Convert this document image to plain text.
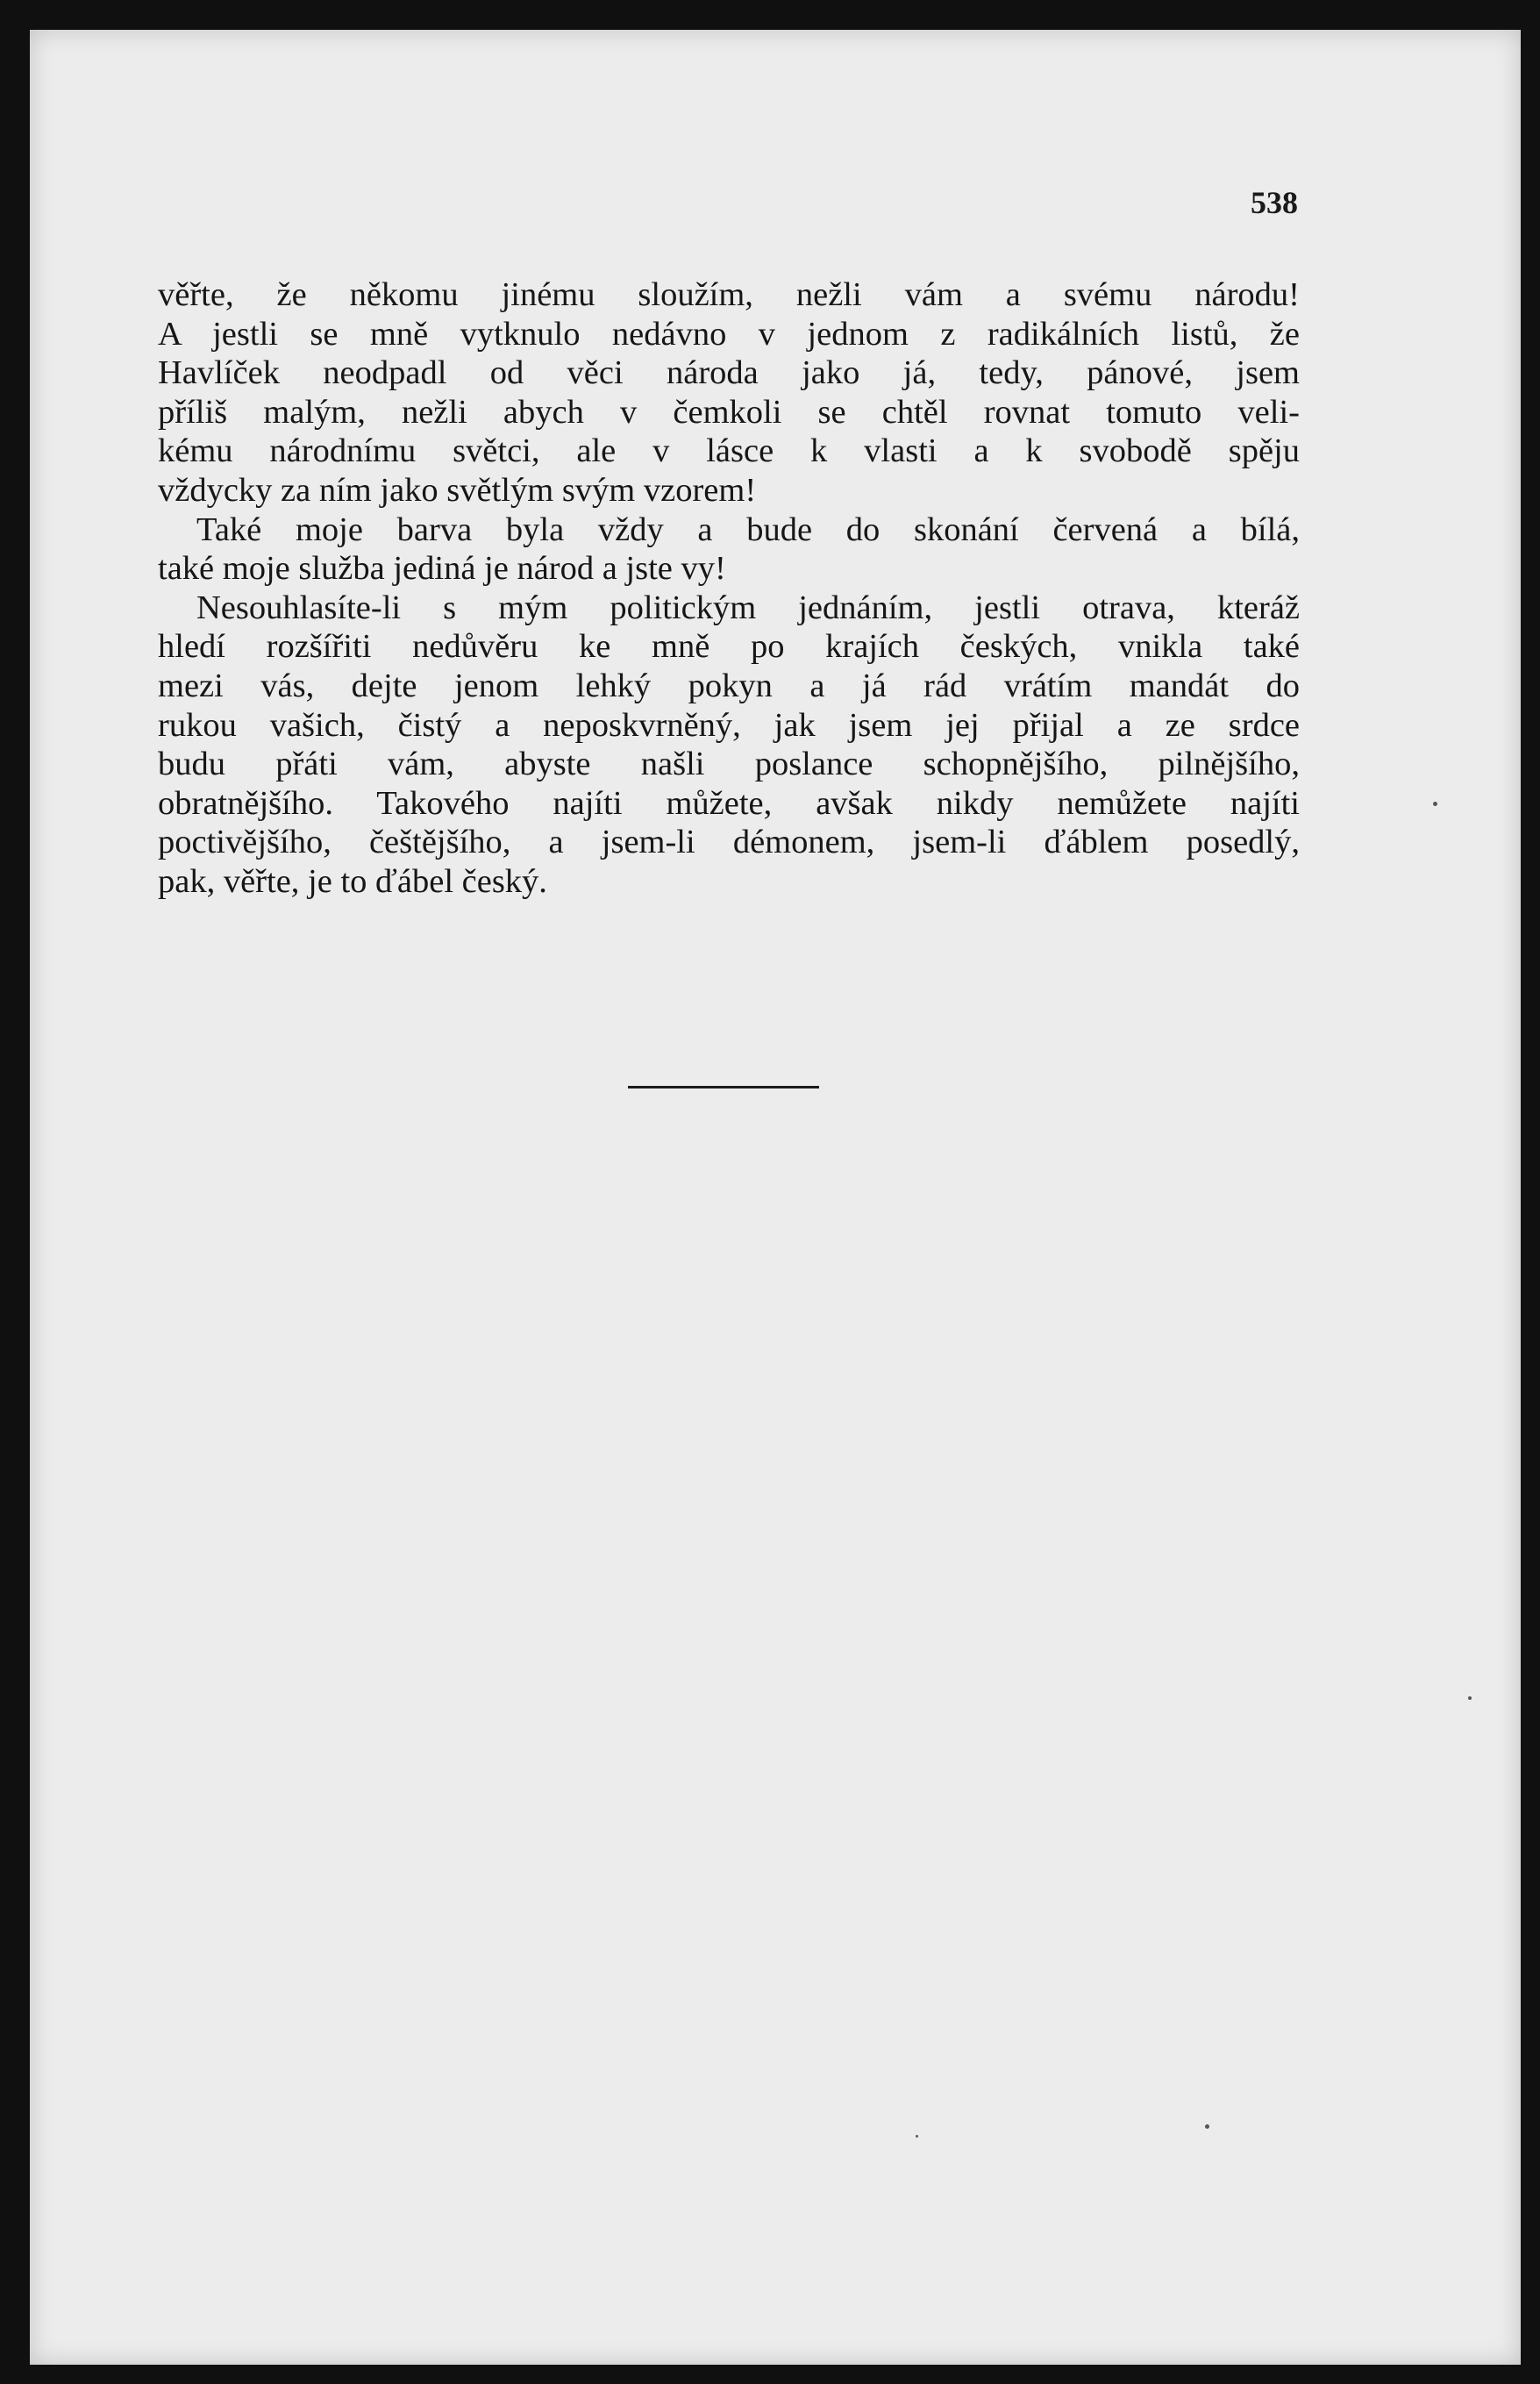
538
věřte, že někomu jinému sloužím, nežli vám a svému národu!
A jestli se mně vytknulo nedávno v jednom z radikálních listů, že
Havlíček neodpadl od věci národa jako já, tedy, pánové, jsem
příliš malým, nežli abych v čemkoli se chtěl rovnat tomuto veli-
kému národnímu světci, ale v lásce k vlasti a k svobodě spěju
vždycky za ním jako světlým svým vzorem!
Také moje barva byla vždy a bude do skonání červená a bílá,
také moje služba jediná je národ a jste vy!
Nesouhlasíte-li s mým politickým jednáním, jestli otrava, kteráž
hledí rozšířiti nedůvěru ke mně po krajích českých, vnikla také
mezi vás, dejte jenom lehký pokyn a já rád vrátím mandát do
rukou vašich, čistý a neposkvrněný, jak jsem jej přijal a ze srdce
budu přáti vám, abyste našli poslance schopnějšího, pilnějšího,
obratnějšího. Takového najíti můžete, avšak nikdy nemůžete najíti
poctivějšího, češtějšího, a jsem-li démonem, jsem-li ďáblem posedlý,
pak, věřte, je to ďábel český.
